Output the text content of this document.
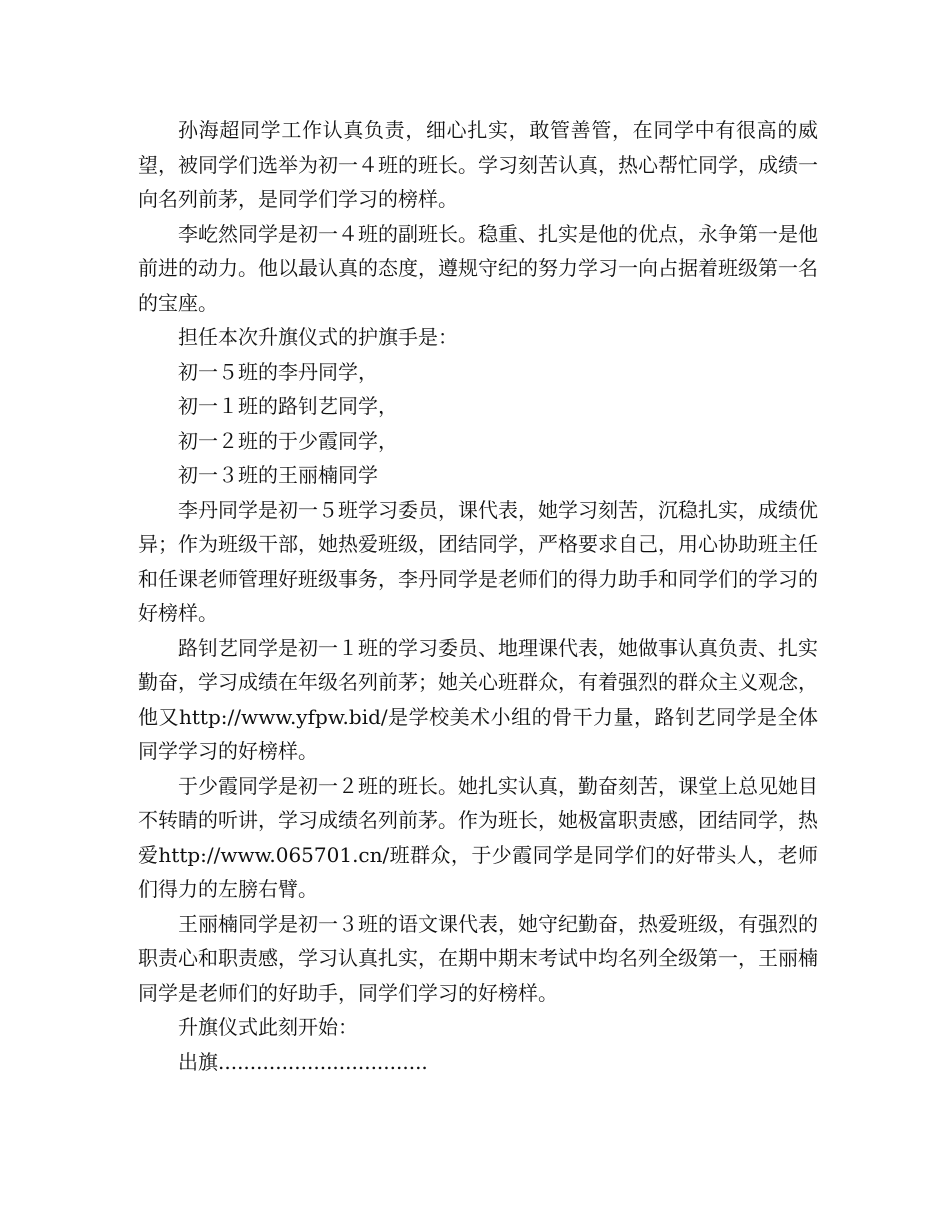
孙海超同学工作认真负责，细心扎实，敢管善管，在同学中有很高的威望，被同学们选举为初一４班的班长。学习刻苦认真，热心帮忙同学，成绩一向名列前茅，是同学们学习的榜样。

李屹然同学是初一４班的副班长。稳重、扎实是他的优点，永争第一是他前进的动力。他以最认真的态度，遵规守纪的努力学习一向占据着班级第一名的宝座。

担任本次升旗仪式的护旗手是：

初一５班的李丹同学，

初一１班的路钊艺同学，

初一２班的于少霞同学，

初一３班的王丽楠同学

李丹同学是初一５班学习委员，课代表，她学习刻苦，沉稳扎实，成绩优异；作为班级干部，她热爱班级，团结同学，严格要求自己，用心协助班主任和任课老师管理好班级事务，李丹同学是老师们的得力助手和同学们的学习的好榜样。

路钊艺同学是初一１班的学习委员、地理课代表，她做事认真负责、扎实勤奋，学习成绩在年级名列前茅；她关心班群众，有着强烈的群众主义观念，他又http://www.yfpw.bid/是学校美术小组的骨干力量，路钊艺同学是全体同学学习的好榜样。

于少霞同学是初一２班的班长。她扎实认真，勤奋刻苦，课堂上总见她目不转睛的听讲，学习成绩名列前茅。作为班长，她极富职责感，团结同学，热爱http://www.065701.cn/班群众，于少霞同学是同学们的好带头人，老师们得力的左膀右臂。

王丽楠同学是初一３班的语文课代表，她守纪勤奋，热爱班级，有强烈的职责心和职责感，学习认真扎实，在期中期末考试中均名列全级第一，王丽楠同学是老师们的好助手，同学们学习的好榜样。

升旗仪式此刻开始：

出旗.................................
